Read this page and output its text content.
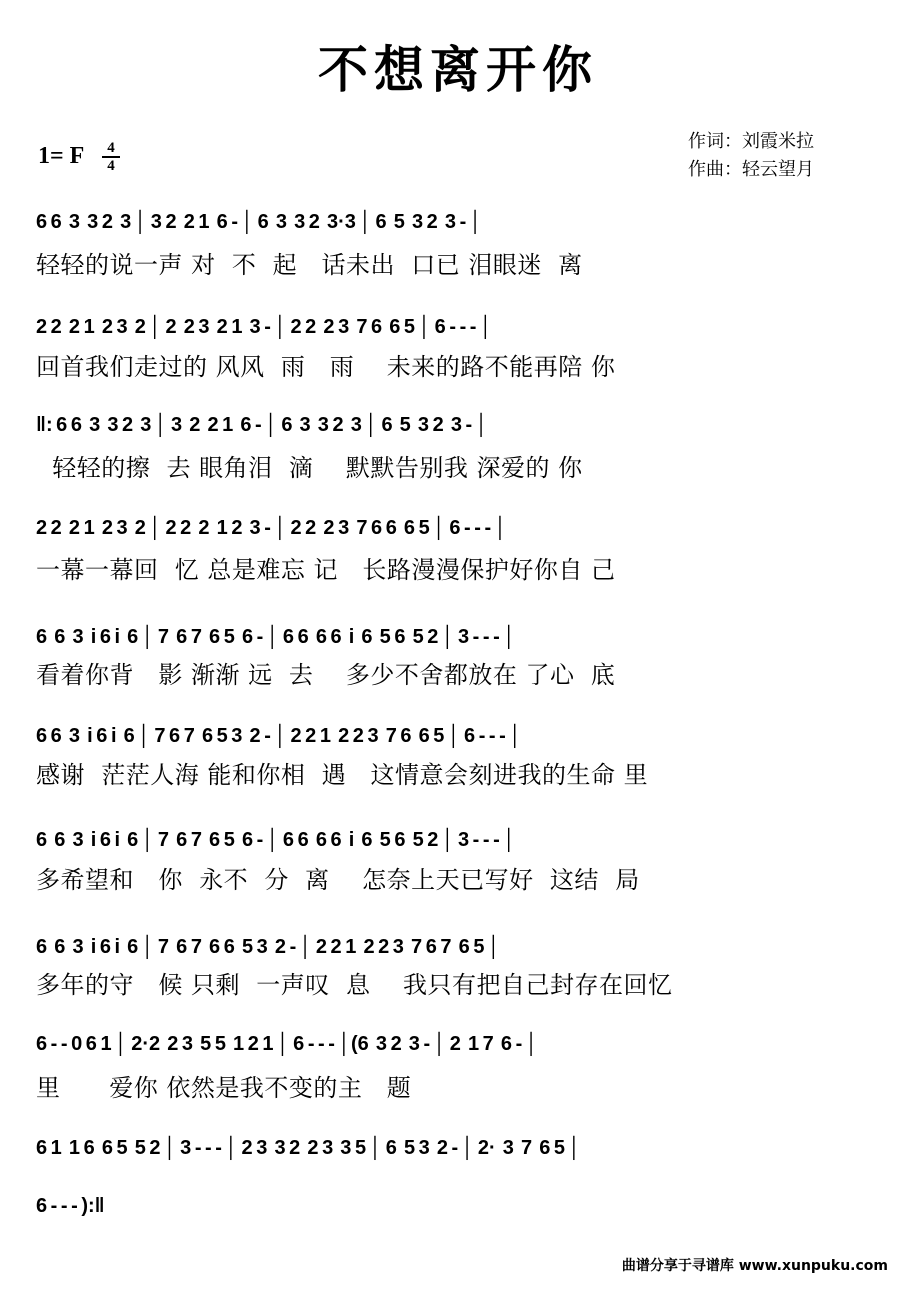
不想离开你
1= F	4
4
作词：刘霞米拉
作曲：轻云望月
6 6  3  3 2  3 │ 3 2  2 1  6 - │ 6  3  3 2  3·3 │ 6  5  3 2  3 - │
轻轻的说一声 对  不  起   话未出  口已 泪眼迷  离
2 2  2 1  2 3  2 │ 2  2 3  2 1  3 - │ 2 2  2 3  7 6  6 5 │ 6 - - - │
回首我们走过的 风风  雨   雨    未来的路不能再陪 你
‖: 6 6  3  3 2  3 │ 3  2  2 1  6 - │ 6  3  3 2  3 │ 6  5  3 2  3 - │
轻轻的擦  去 眼角泪  滴    默默告别我 深爱的 你
2 2  2 1  2 3  2 │ 2 2  2  1 2  3 - │ 2 2  2 3  7 6 6  6 5 │ 6 - - - │
一幕一幕回  忆 总是难忘 记   长路漫漫保护好你自 己
6  6  3  i 6 i  6 │ 7  6 7  6 5  6 - │ 6 6  6 6  i  6  5 6  5 2 │ 3 - - - │
看着你背   影 渐渐 远  去    多少不舍都放在 了心  底
6 6  3  i 6 i  6 │ 7 6 7  6 5 3  2 - │ 2 2 1  2 2 3  7 6  6 5 │ 6 - - - │
感谢  茫茫人海 能和你相  遇   这情意会刻进我的生命 里
6  6  3  i 6 i  6 │ 7  6 7  6 5  6 - │ 6 6  6 6  i  6  5 6  5 2 │ 3 - - - │
多希望和   你  永不  分  离    怎奈上天已写好  这结  局
6  6  3  i 6 i  6 │ 7  6 7  6 6  5 3  2 - │ 2 2 1  2 2 3  7 6 7  6 5 │
多年的守   候 只剩  一声叹  息    我只有把自己封存在回忆
6 - - 0 6 1 │ 2·2  2 3  5 5  1 2 1 │ 6 - - - │(6  3 2  3 - │ 2  1 7  6 - │
里      爱你 依然是我不变的主   题
6 1  1 6  6 5  5 2 │ 3 - - - │ 2 3  3 2  2 3  3 5 │ 6  5 3  2 - │ 2·  3  7  6 5 │
6 - - - ):‖
曲谱分享于寻谱库 www.xunpuku.com
